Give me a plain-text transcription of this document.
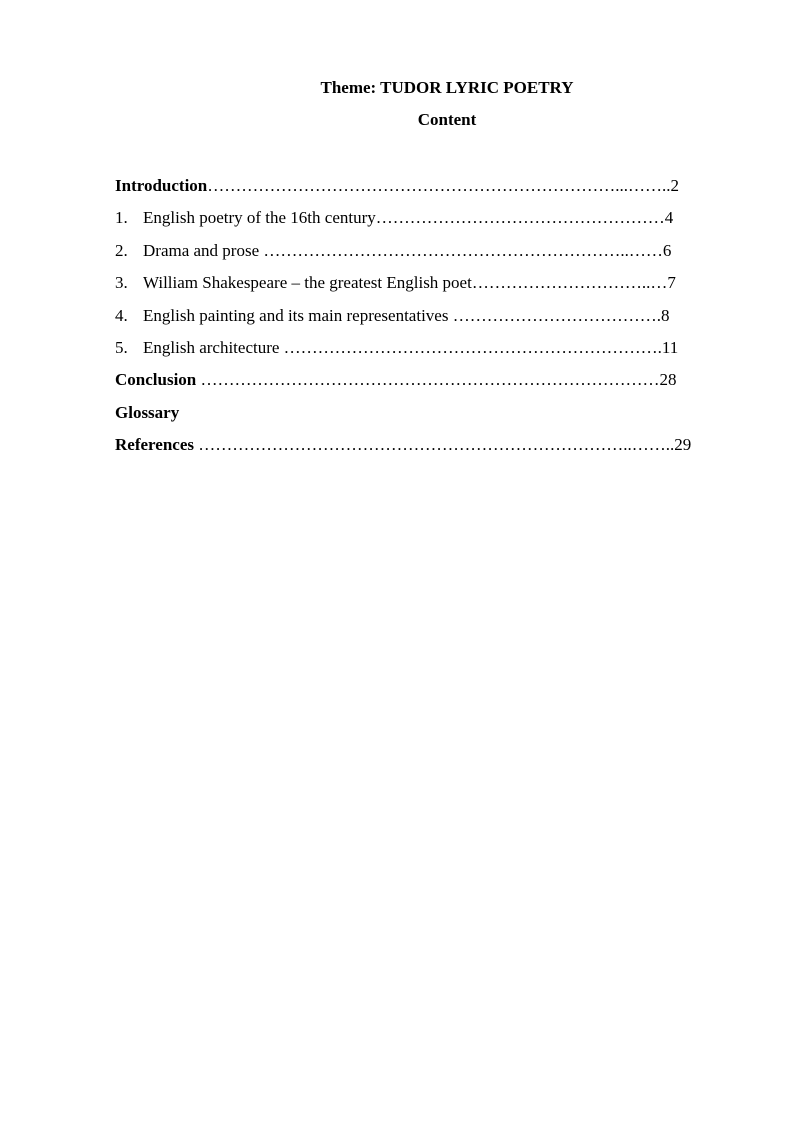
Theme: TUDOR LYRIC POETRY
Content
Introduction………………………………………………………………...……..2
1. English poetry of the 16th century……………………………………………4
2. Drama and prose ………………………………………………………..……6
3. William Shakespeare – the greatest English poet…………………………..…7
4. English painting and its main representatives ……………………………….8
5. English architecture ………………………………………………………….11
Conclusion ………………………………………………………………………28
Glossary
References …………………………………………………………………..……..29
